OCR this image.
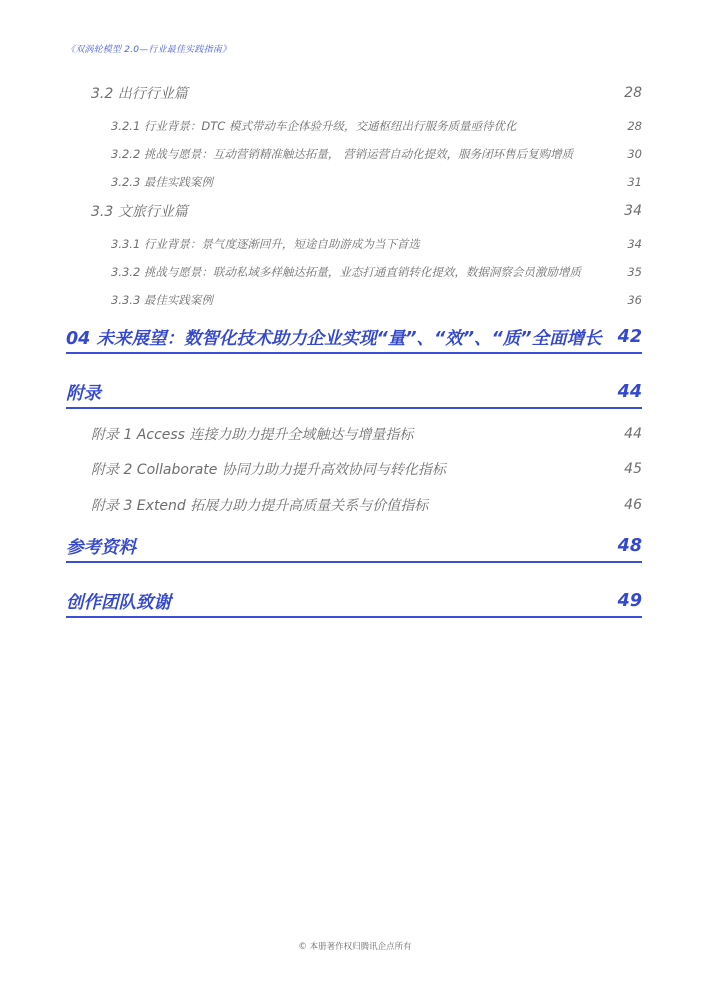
《双涡轮模型 2.0—行业最佳实践指南》
3.2 出行行业篇	28
3.2.1 行业背景：DTC 模式带动车企体验升级，交通枢纽出行服务质量亟待优化	28
3.2.2 挑战与愿景：互动营销精准触达拓量， 营销运营自动化提效，服务闭环售后复购增质	30
3.2.3 最佳实践案例	31
3.3 文旅行业篇	34
3.3.1 行业背景：景气度逐渐回升，短途自助游成为当下首选	34
3.3.2 挑战与愿景：联动私域多样触达拓量，业态打通直销转化提效，数据洞察会员激励增质	35
3.3.3 最佳实践案例	36
04 未来展望：数智化技术助力企业实现“量”、“效”、“质”全面增长 42
附录	44
附录 1 Access 连接力助力提升全域触达与增量指标	44
附录 2 Collaborate 协同力助力提升高效协同与转化指标	45
附录 3 Extend 拓展力助力提升高质量关系与价值指标	46
参考资料	48
创作团队致谢	49
© 本册著作权归腾讯企点所有
